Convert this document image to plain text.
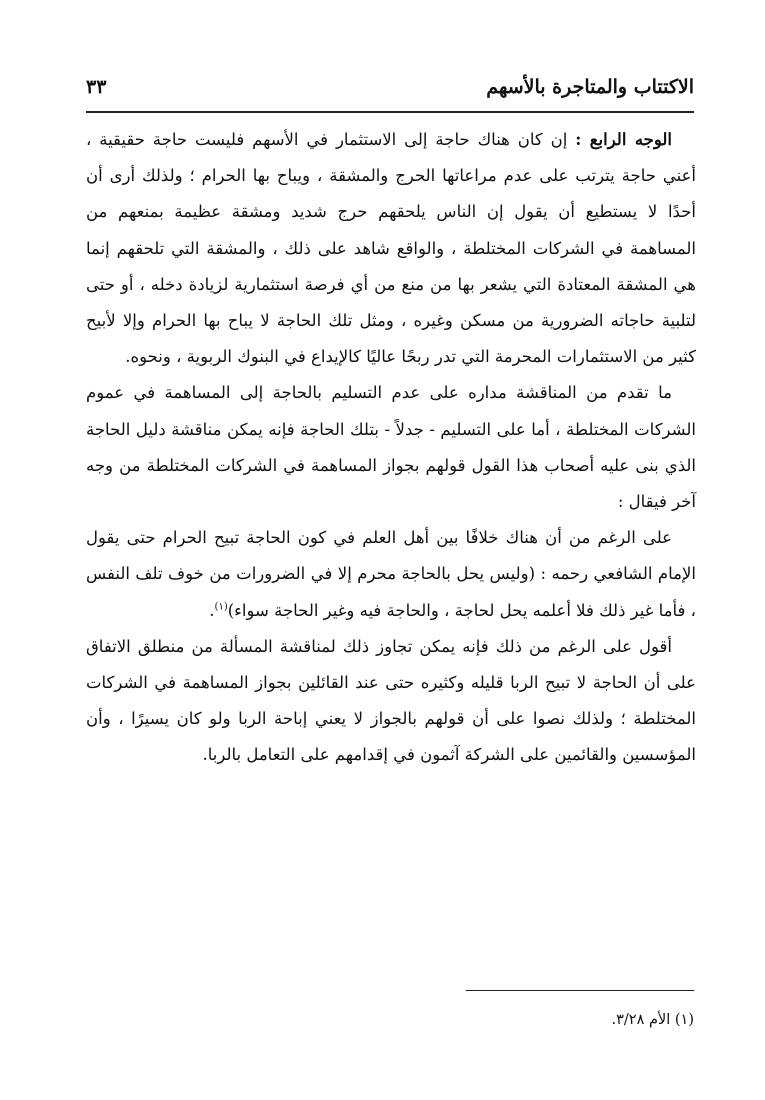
الاكتتاب والمتاجرة بالأسهم
٣٣

الوجه الرابع : إن كان هناك حاجة إلى الاستثمار في الأسهم فليست حاجة حقيقية ، أعني حاجة يترتب على عدم مراعاتها الحرج والمشقة ، ويباح بها الحرام ؛ ولذلك أرى أن أحدًا لا يستطيع أن يقول إن الناس يلحقهم حرج شديد ومشقة عظيمة بمنعهم من المساهمة في الشركات المختلطة ، والواقع شاهد على ذلك ، والمشقة التي تلحقهم إنما هي المشقة المعتادة التي يشعر بها من منع من أي فرصة استثمارية لزيادة دخله ، أو حتى لتلبية حاجاته الضرورية من مسكن وغيره ، ومثل تلك الحاجة لا يباح بها الحرام وإلا لأبيح كثير من الاستثمارات المحرمة التي تدر ربحًا عاليًا كالإيداع في البنوك الربوية ، ونحوه.

ما تقدم من المناقشة مداره على عدم التسليم بالحاجة إلى المساهمة في عموم الشركات المختلطة ، أما على التسليم - جدلاً - بتلك الحاجة فإنه يمكن مناقشة دليل الحاجة الذي بنى عليه أصحاب هذا القول قولهم بجواز المساهمة في الشركات المختلطة من وجه آخر فيقال :

على الرغم من أن هناك خلافًا بين أهل العلم في كون الحاجة تبيح الحرام حتى يقول الإمام الشافعي رحمه : (وليس يحل بالحاجة محرم إلا في الضرورات من خوف تلف النفس ، فأما غير ذلك فلا أعلمه يحل لحاجة ، والحاجة فيه وغير الحاجة سواء)$^{(١)}$.

أقول على الرغم من ذلك فإنه يمكن تجاوز ذلك لمناقشة المسألة من منطلق الاتفاق على أن الحاجة لا تبيح الربا قليله وكثيره حتى عند القائلين بجواز المساهمة في الشركات المختلطة ؛ ولذلك نصوا على أن قولهم بالجواز لا يعني إباحة الربا ولو كان يسيرًا ، وأن المؤسسين والقائمين على الشركة آثمون في إقدامهم على التعامل بالربا.

(١) الأم ٣/٢٨.
